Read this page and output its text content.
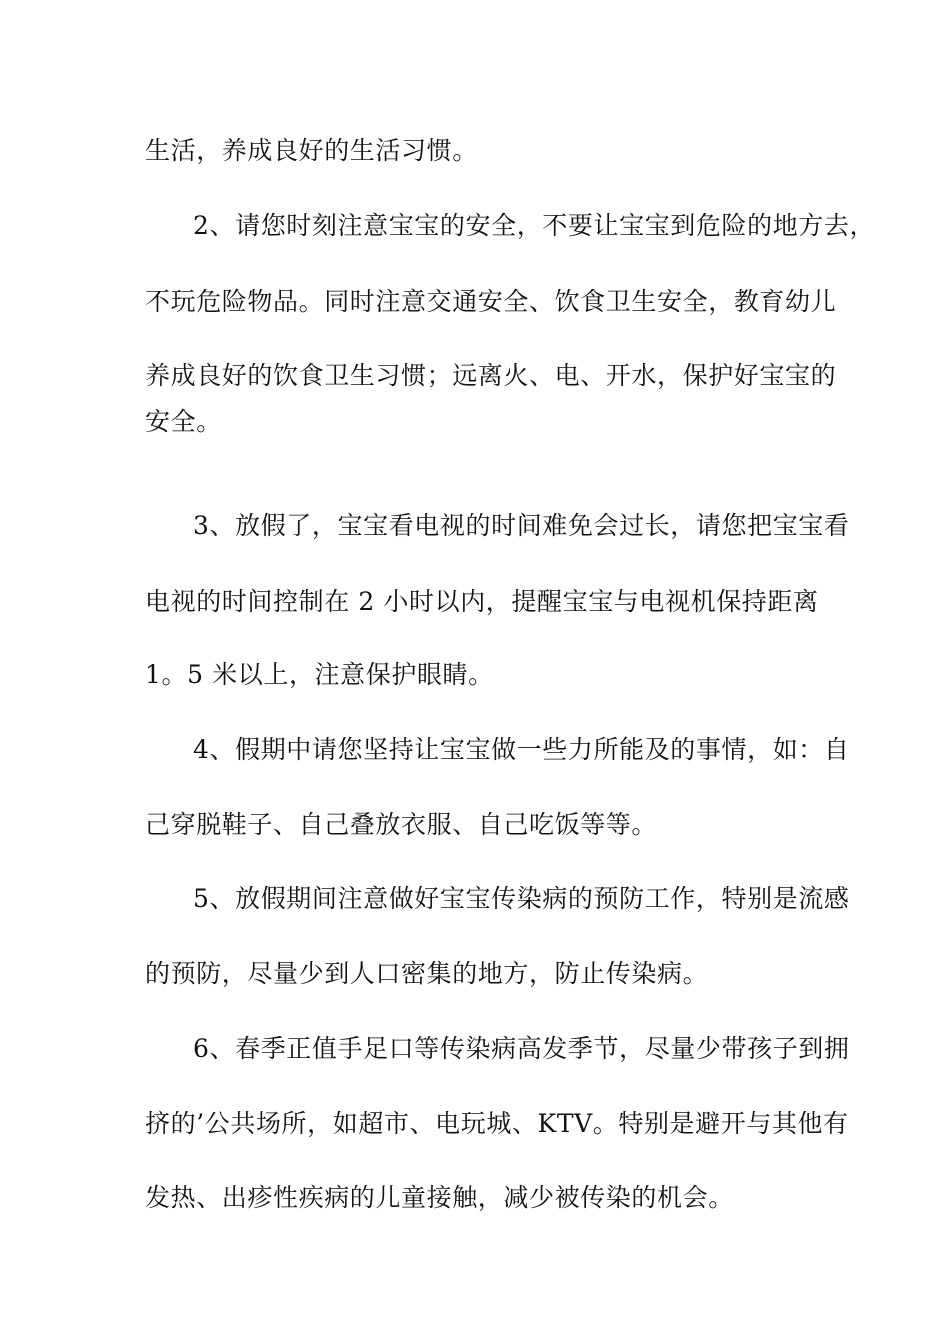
生活，养成良好的生活习惯。
2、请您时刻注意宝宝的安全，不要让宝宝到危险的地方去，
不玩危险物品。同时注意交通安全、饮食卫生安全，教育幼儿
养成良好的饮食卫生习惯；远离火、电、开水，保护好宝宝的
安全。
3、放假了，宝宝看电视的时间难免会过长，请您把宝宝看
电视的时间控制在 2 小时以内，提醒宝宝与电视机保持距离
1。5 米以上，注意保护眼睛。
4、假期中请您坚持让宝宝做一些力所能及的事情，如：自
己穿脱鞋子、自己叠放衣服、自己吃饭等等。
5、放假期间注意做好宝宝传染病的预防工作，特别是流感
的预防，尽量少到人口密集的地方，防止传染病。
6、春季正值手足口等传染病高发季节，尽量少带孩子到拥
挤的’公共场所，如超市、电玩城、KTV。特别是避开与其他有
发热、出疹性疾病的儿童接触，减少被传染的机会。
